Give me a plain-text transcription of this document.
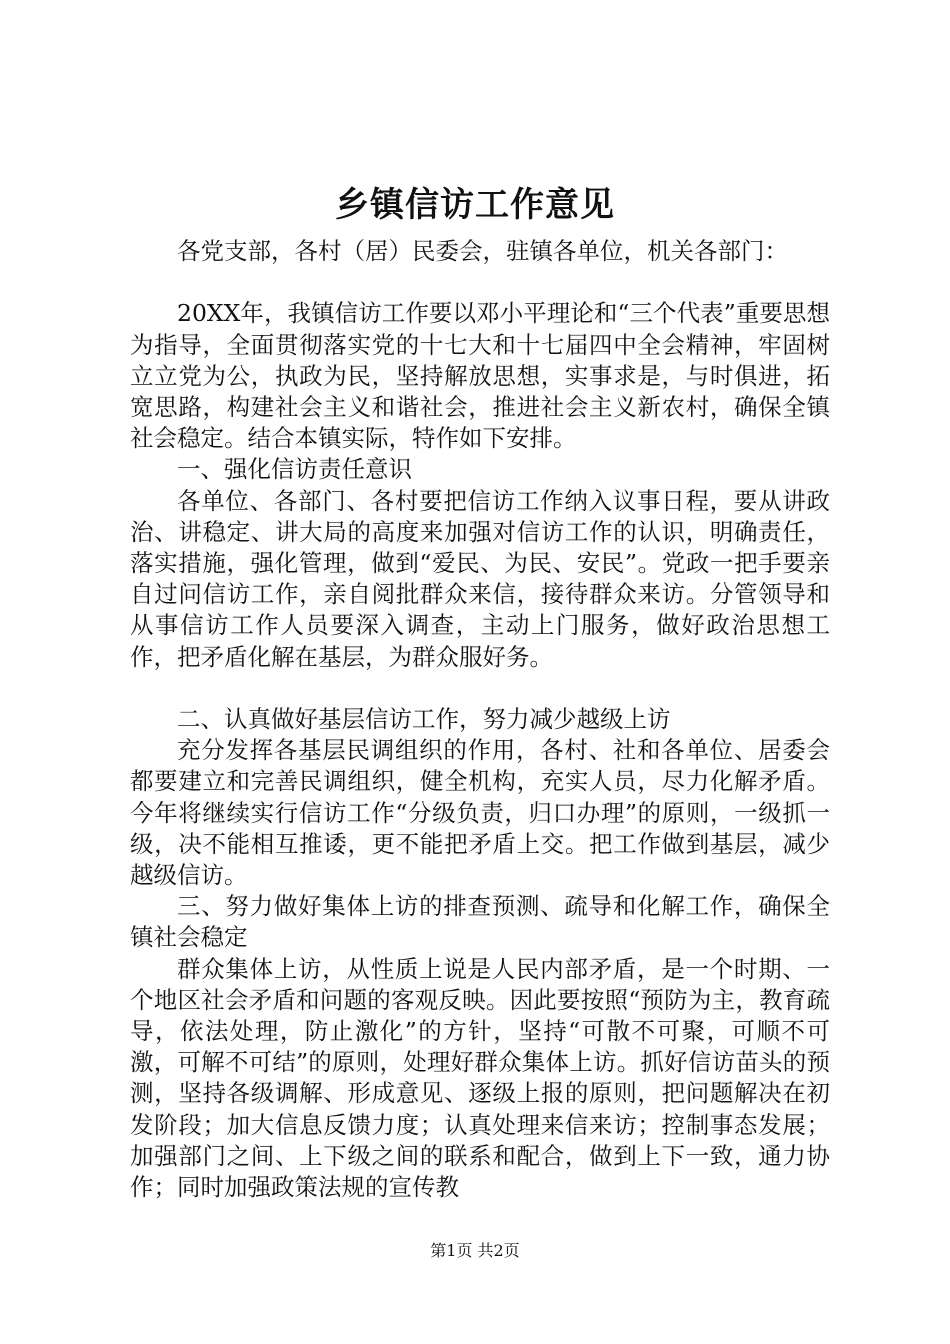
乡镇信访工作意见

各党支部，各村（居）民委会，驻镇各单位，机关各部门：

20XX年，我镇信访工作要以邓小平理论和“三个代表”重要思想为指导，全面贯彻落实党的十七大和十七届四中全会精神，牢固树立立党为公，执政为民，坚持解放思想，实事求是，与时俱进，拓宽思路，构建社会主义和谐社会，推进社会主义新农村，确保全镇社会稳定。结合本镇实际，特作如下安排。

一、强化信访责任意识

各单位、各部门、各村要把信访工作纳入议事日程，要从讲政治、讲稳定、讲大局的高度来加强对信访工作的认识，明确责任，落实措施，强化管理，做到“爱民、为民、安民”。党政一把手要亲自过问信访工作，亲自阅批群众来信，接待群众来访。分管领导和从事信访工作人员要深入调查，主动上门服务，做好政治思想工作，把矛盾化解在基层，为群众服好务。

二、认真做好基层信访工作，努力减少越级上访

充分发挥各基层民调组织的作用，各村、社和各单位、居委会都要建立和完善民调组织，健全机构，充实人员，尽力化解矛盾。今年将继续实行信访工作“分级负责，归口办理”的原则，一级抓一级，决不能相互推诿，更不能把矛盾上交。把工作做到基层，减少越级信访。

三、努力做好集体上访的排查预测、疏导和化解工作，确保全镇社会稳定

群众集体上访，从性质上说是人民内部矛盾，是一个时期、一个地区社会矛盾和问题的客观反映。因此要按照“预防为主，教育疏导，依法处理，防止激化”的方针，坚持“可散不可聚，可顺不可激，可解不可结”的原则，处理好群众集体上访。抓好信访苗头的预测，坚持各级调解、形成意见、逐级上报的原则，把问题解决在初发阶段；加大信息反馈力度；认真处理来信来访；控制事态发展；加强部门之间、上下级之间的联系和配合，做到上下一致，通力协作；同时加强政策法规的宣传教

第1页 共2页
